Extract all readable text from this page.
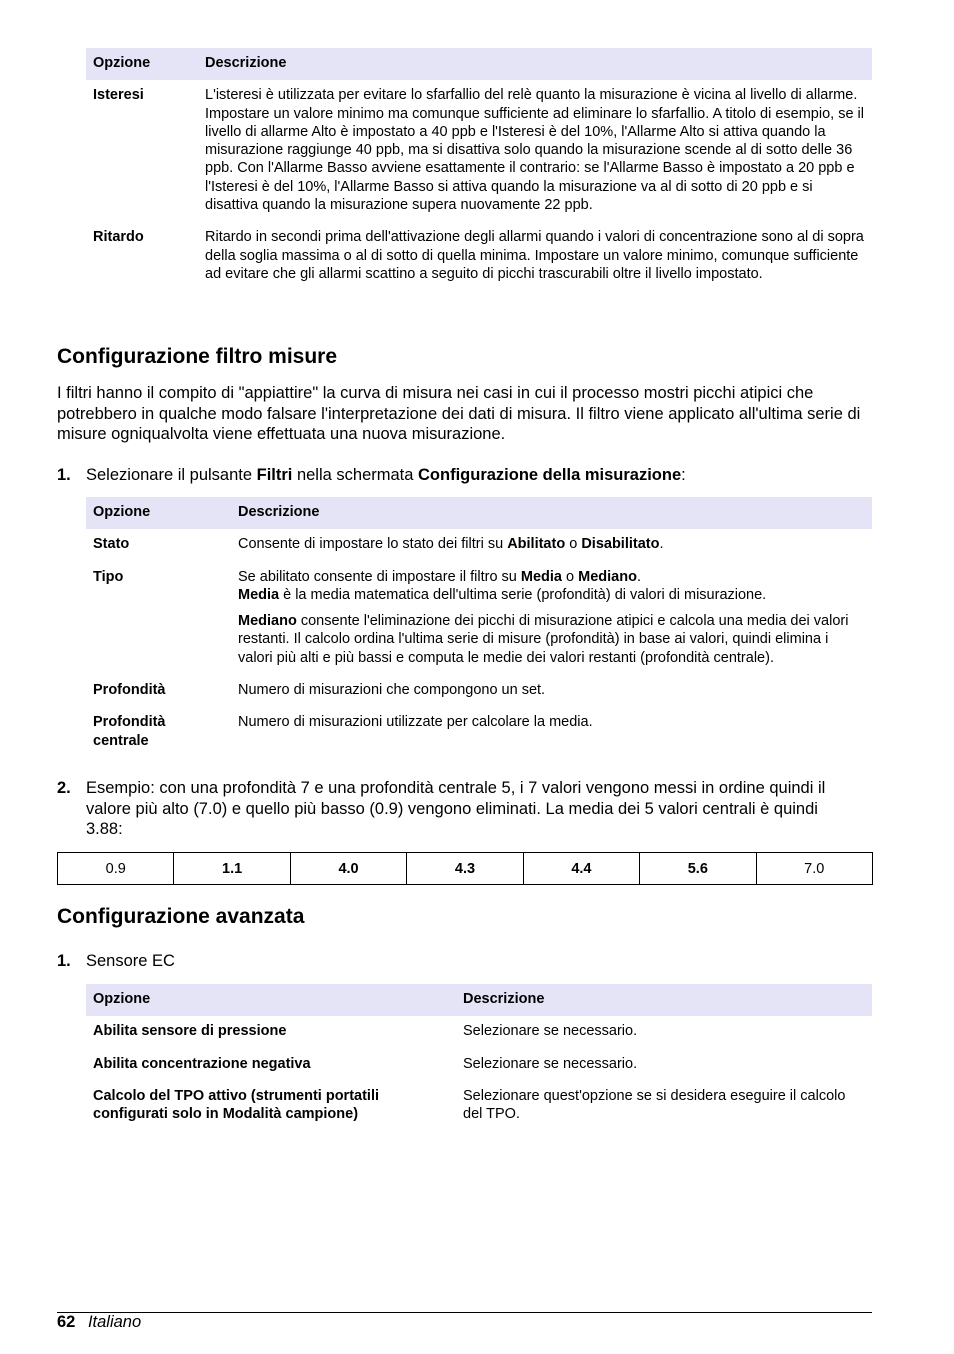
Opzione	Descrizione
Isteresi	L'isteresi è utilizzata per evitare lo sfarfallio del relè quanto la misurazione è vicina al livello di allarme. Impostare un valore minimo ma comunque sufficiente ad eliminare lo sfarfallio. A titolo di esempio, se il livello di allarme Alto è impostato a 40 ppb e l'Isteresi è del 10%, l'Allarme Alto si attiva quando la misurazione raggiunge 40 ppb, ma si disattiva solo quando la misurazione scende al di sotto delle 36 ppb. Con l'Allarme Basso avviene esattamente il contrario: se l'Allarme Basso è impostato a 20 ppb e l'Isteresi è del 10%, l'Allarme Basso si attiva quando la misurazione va al di sotto di 20 ppb e si disattiva quando la misurazione supera nuovamente 22 ppb.
Ritardo	Ritardo in secondi prima dell'attivazione degli allarmi quando i valori di concentrazione sono al di sopra della soglia massima o al di sotto di quella minima. Impostare un valore minimo, comunque sufficiente ad evitare che gli allarmi scattino a seguito di picchi trascurabili oltre il livello impostato.
Configurazione filtro misure
I filtri hanno il compito di "appiattire" la curva di misura nei casi in cui il processo mostri picchi atipici che potrebbero in qualche modo falsare l'interpretazione dei dati di misura. Il filtro viene applicato all'ultima serie di misure ogniqualvolta viene effettuata una nuova misurazione.
1. Selezionare il pulsante Filtri nella schermata Configurazione della misurazione:
Opzione	Descrizione
Stato	Consente di impostare lo stato dei filtri su Abilitato o Disabilitato.
Tipo	Se abilitato consente di impostare il filtro su Media o Mediano.
Media è la media matematica dell'ultima serie (profondità) di valori di misurazione.
Mediano consente l'eliminazione dei picchi di misurazione atipici e calcola una media dei valori restanti. Il calcolo ordina l'ultima serie di misure (profondità) in base ai valori, quindi elimina i valori più alti e più bassi e computa le medie dei valori restanti (profondità centrale).

Profondità	Numero di misurazioni che compongono un set.
Profondità centrale	Numero di misurazioni utilizzate per calcolare la media.
2. Esempio: con una profondità 7 e una profondità centrale 5, i 7 valori vengono messi in ordine quindi il valore più alto (7.0) e quello più basso (0.9) vengono eliminati. La media dei 5 valori centrali è quindi 3.88:
0.9	1.1	4.0	4.3	4.4	5.6	7.0
Configurazione avanzata
1. Sensore EC
Opzione	Descrizione
Abilita sensore di pressione	Selezionare se necessario.
Abilita concentrazione negativa	Selezionare se necessario.
Calcolo del TPO attivo (strumenti portatili configurati solo in Modalità campione)	Selezionare quest'opzione se si desidera eseguire il calcolo del TPO.
62 Italiano
